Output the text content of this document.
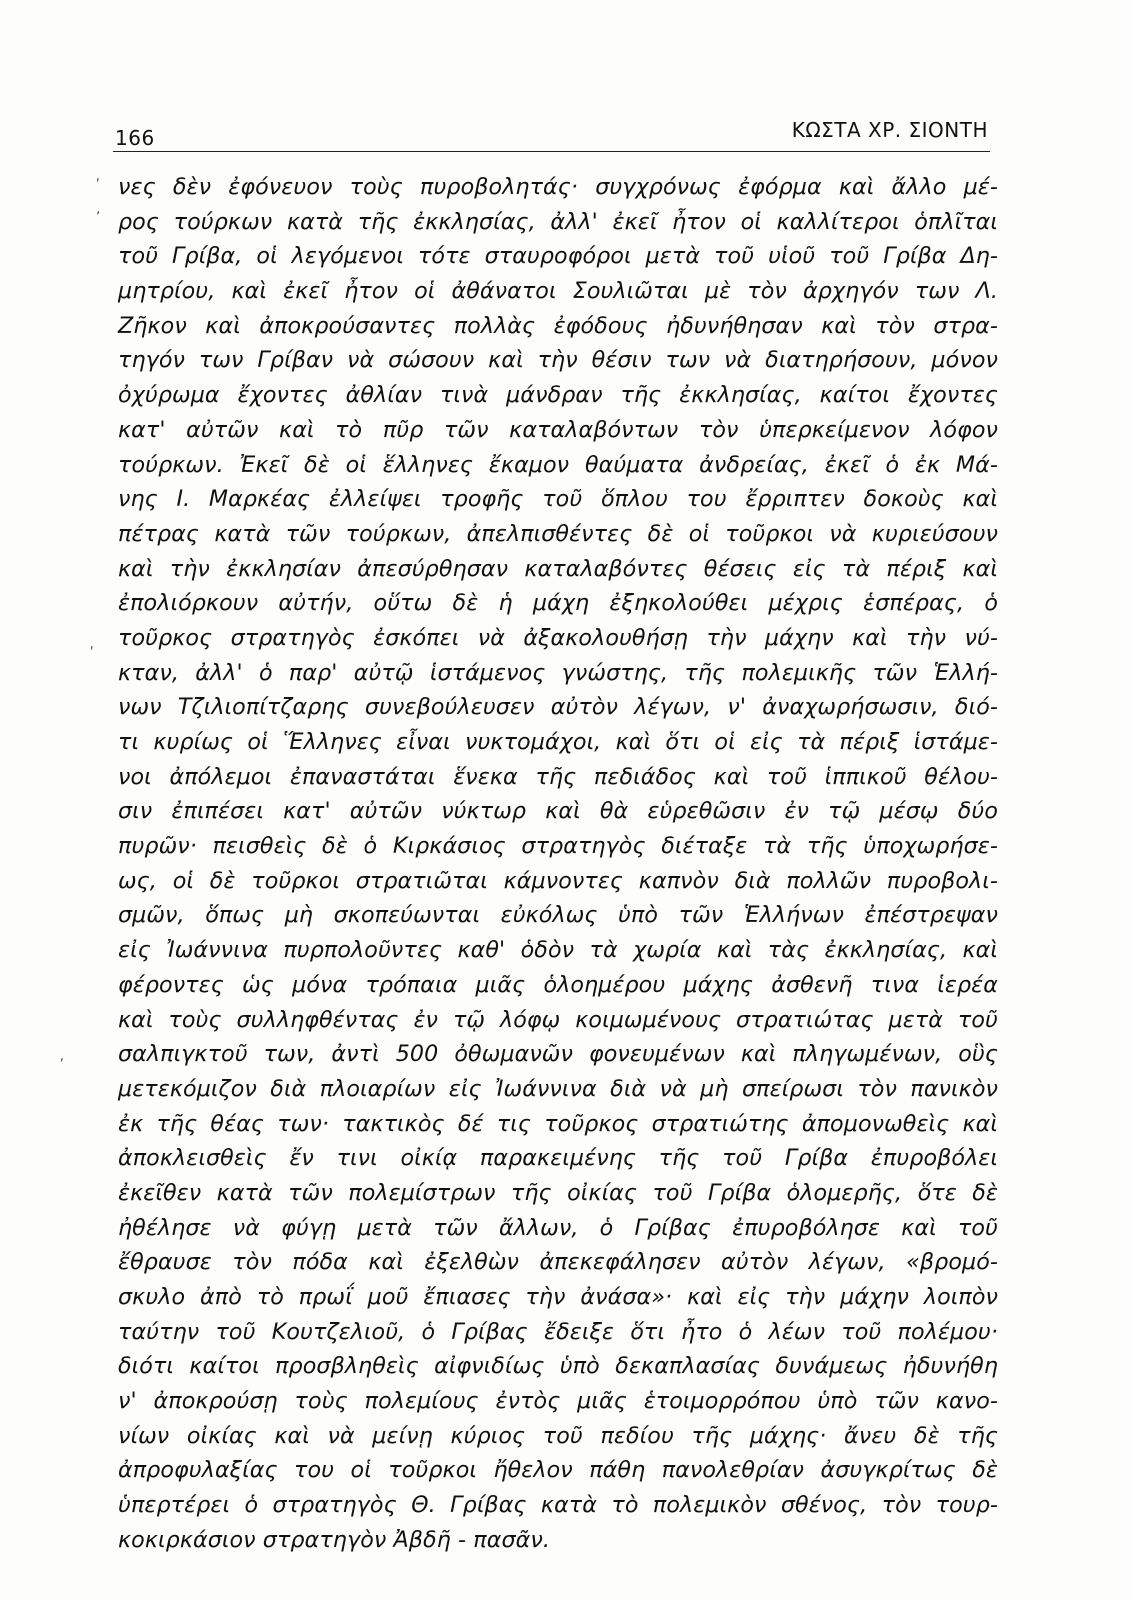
166	ΚΩΣΤΑ ΧΡ. ΣΙΟΝΤΗ
ʹ
ʼ
ʹ
ʹ
νες δὲν ἐφόνευον τοὺς πυροβολητάς· συγχρόνως ἐφόρμα καὶ ἄλλο μέ-
ρος τούρκων κατὰ τῆς ἐκκλησίας, ἀλλ' ἐκεῖ ἦτον οἱ καλλίτεροι ὁπλῖται
τοῦ Γρίβα, οἱ λεγόμενοι τότε σταυροφόροι μετὰ τοῦ υἱοῦ τοῦ Γρίβα Δη-
μητρίου, καὶ ἐκεῖ ἦτον οἱ ἀθάνατοι Σουλιῶται μὲ τὸν ἀρχηγόν των Λ.
Ζῆκον καὶ ἀποκρούσαντες πολλὰς ἐφόδους ἠδυνήθησαν καὶ τὸν στρα-
τηγόν των Γρίβαν νὰ σώσουν καὶ τὴν θέσιν των νὰ διατηρήσουν, μόνον
ὀχύρωμα ἔχοντες ἀθλίαν τινὰ μάνδραν τῆς ἐκκλησίας, καίτοι ἔχοντες
κατ' αὐτῶν καὶ τὸ πῦρ τῶν καταλαβόντων τὸν ὑπερκείμενον λόφον
τούρκων. Ἐκεῖ δὲ οἱ ἕλληνες ἔκαμον θαύματα ἀνδρείας, ἐκεῖ ὁ ἐκ Μά-
νης Ι. Μαρκέας ἐλλείψει τροφῆς τοῦ ὅπλου του ἔρριπτεν δοκοὺς καὶ
πέτρας κατὰ τῶν τούρκων, ἀπελπισθέντες δὲ οἱ τοῦρκοι νὰ κυριεύσουν
καὶ τὴν ἐκκλησίαν ἀπεσύρθησαν καταλαβόντες θέσεις εἰς τὰ πέριξ καὶ
ἐπολιόρκουν αὐτήν, οὕτω δὲ ἡ μάχη ἐξηκολούθει μέχρις ἑσπέρας, ὁ
τοῦρκος στρατηγὸς ἐσκόπει νὰ ἀξακολουθήσῃ τὴν μάχην καὶ τὴν νύ-
κταν, ἀλλ' ὁ παρ' αὐτῷ ἱστάμενος γνώστης, τῆς πολεμικῆς τῶν Ἑλλή-
νων Τζιλιοπίτζαρης συνεβούλευσεν αὐτὸν λέγων, ν' ἀναχωρήσωσιν, διό-
τι κυρίως οἱ Ἕλληνες εἶναι νυκτομάχοι, καὶ ὅτι οἱ εἰς τὰ πέριξ ἱστάμε-
νοι ἀπόλεμοι ἐπαναστάται ἕνεκα τῆς πεδιάδος καὶ τοῦ ἱππικοῦ θέλου-
σιν ἐπιπέσει κατ' αὐτῶν νύκτωρ καὶ θὰ εὑρεθῶσιν ἐν τῷ μέσῳ δύο
πυρῶν· πεισθεὶς δὲ ὁ Κιρκάσιος στρατηγὸς διέταξε τὰ τῆς ὑποχωρήσε-
ως, οἱ δὲ τοῦρκοι στρατιῶται κάμνοντες καπνὸν διὰ πολλῶν πυροβολι-
σμῶν, ὅπως μὴ σκοπεύωνται εὐκόλως ὑπὸ τῶν Ἑλλήνων ἐπέστρεψαν
εἰς Ἰωάννινα πυρπολοῦντες καθ' ὁδὸν τὰ χωρία καὶ τὰς ἐκκλησίας, καὶ
φέροντες ὡς μόνα τρόπαια μιᾶς ὁλοημέρου μάχης ἀσθενῆ τινα ἱερέα
καὶ τοὺς συλληφθέντας ἐν τῷ λόφῳ κοιμωμένους στρατιώτας μετὰ τοῦ
σαλπιγκτοῦ των, ἀντὶ 500 ὀθωμανῶν φονευμένων καὶ πληγωμένων, οὓς
μετεκόμιζον διὰ πλοιαρίων εἰς Ἰωάννινα διὰ νὰ μὴ σπείρωσι τὸν πανικὸν
ἐκ τῆς θέας των· τακτικὸς δέ τις τοῦρκος στρατιώτης ἀπομονωθεὶς καὶ
ἀποκλεισθεὶς ἔν τινι οἰκίᾳ παρακειμένης τῆς τοῦ Γρίβα ἐπυροβόλει
ἐκεῖθεν κατὰ τῶν πολεμίστρων τῆς οἰκίας τοῦ Γρίβα ὁλομερῆς, ὅτε δὲ
ἠθέλησε νὰ φύγῃ μετὰ τῶν ἄλλων, ὁ Γρίβας ἐπυροβόλησε καὶ τοῦ
ἔθραυσε τὸν πόδα καὶ ἐξελθὼν ἀπεκεφάλησεν αὐτὸν λέγων, «βρομό-
σκυλο ἀπὸ τὸ πρωΐ μοῦ ἔπιασες τὴν ἀνάσα»· καὶ εἰς τὴν μάχην λοιπὸν
ταύτην τοῦ Κουτζελιοῦ, ὁ Γρίβας ἔδειξε ὅτι ἦτο ὁ λέων τοῦ πολέμου·
διότι καίτοι προσβληθεὶς αἰφνιδίως ὑπὸ δεκαπλασίας δυνάμεως ἠδυνήθη
ν' ἀποκρούσῃ τοὺς πολεμίους ἐντὸς μιᾶς ἑτοιμορρόπου ὑπὸ τῶν κανο-
νίων οἰκίας καὶ νὰ μείνῃ κύριος τοῦ πεδίου τῆς μάχης· ἄνευ δὲ τῆς
ἀπροφυλαξίας του οἱ τοῦρκοι ἤθελον πάθη πανολεθρίαν ἀσυγκρίτως δὲ
ὑπερτέρει ὁ στρατηγὸς Θ. Γρίβας κατὰ τὸ πολεμικὸν σθένος, τὸν τουρ-
κοκιρκάσιον στρατηγὸν Ἀβδῆ - πασᾶν.
